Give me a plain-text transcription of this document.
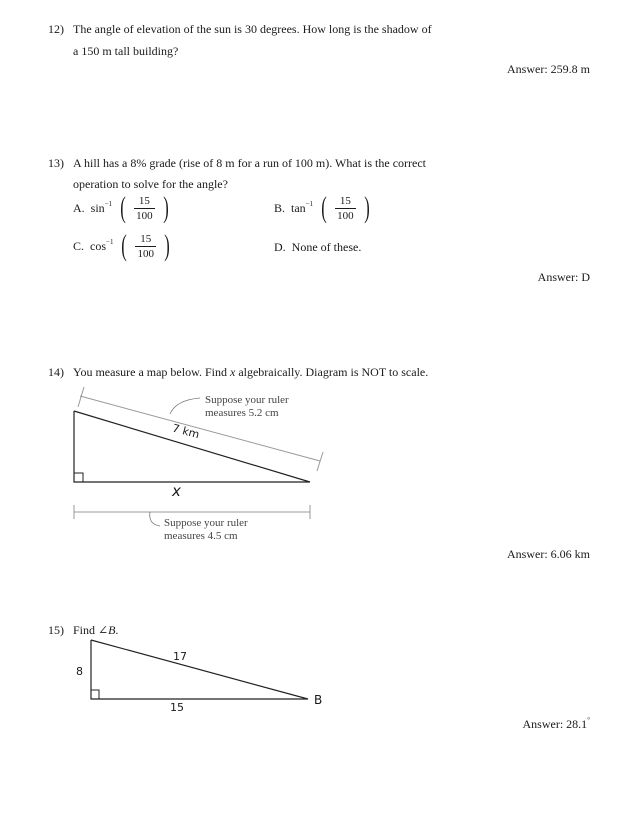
12) The angle of elevation of the sun is 30 degrees. How long is the shadow of
a 150 m tall building?
Answer: 259.8 m
13) A hill has a 8% grade (rise of 8 m for a run of 100 m). What is the correct
operation to solve for the angle?
A. $\sin^{-1}$ ( $\frac{15}{100}$ )	B. $\tan^{-1}$ ( $\frac{15}{100}$ )
C. $\cos^{-1}$ ( $\frac{15}{100}$ )	D. None of these.
Answer: D
14) You measure a map below. Find x algebraically. Diagram is NOT to scale.
Suppose your ruler
measures 5.2 cm
7 km
x
Suppose your ruler
measures 4.5 cm
Answer: 6.06 km
15) Find ∠B.
17
8
15
B
Answer: 28.1°
